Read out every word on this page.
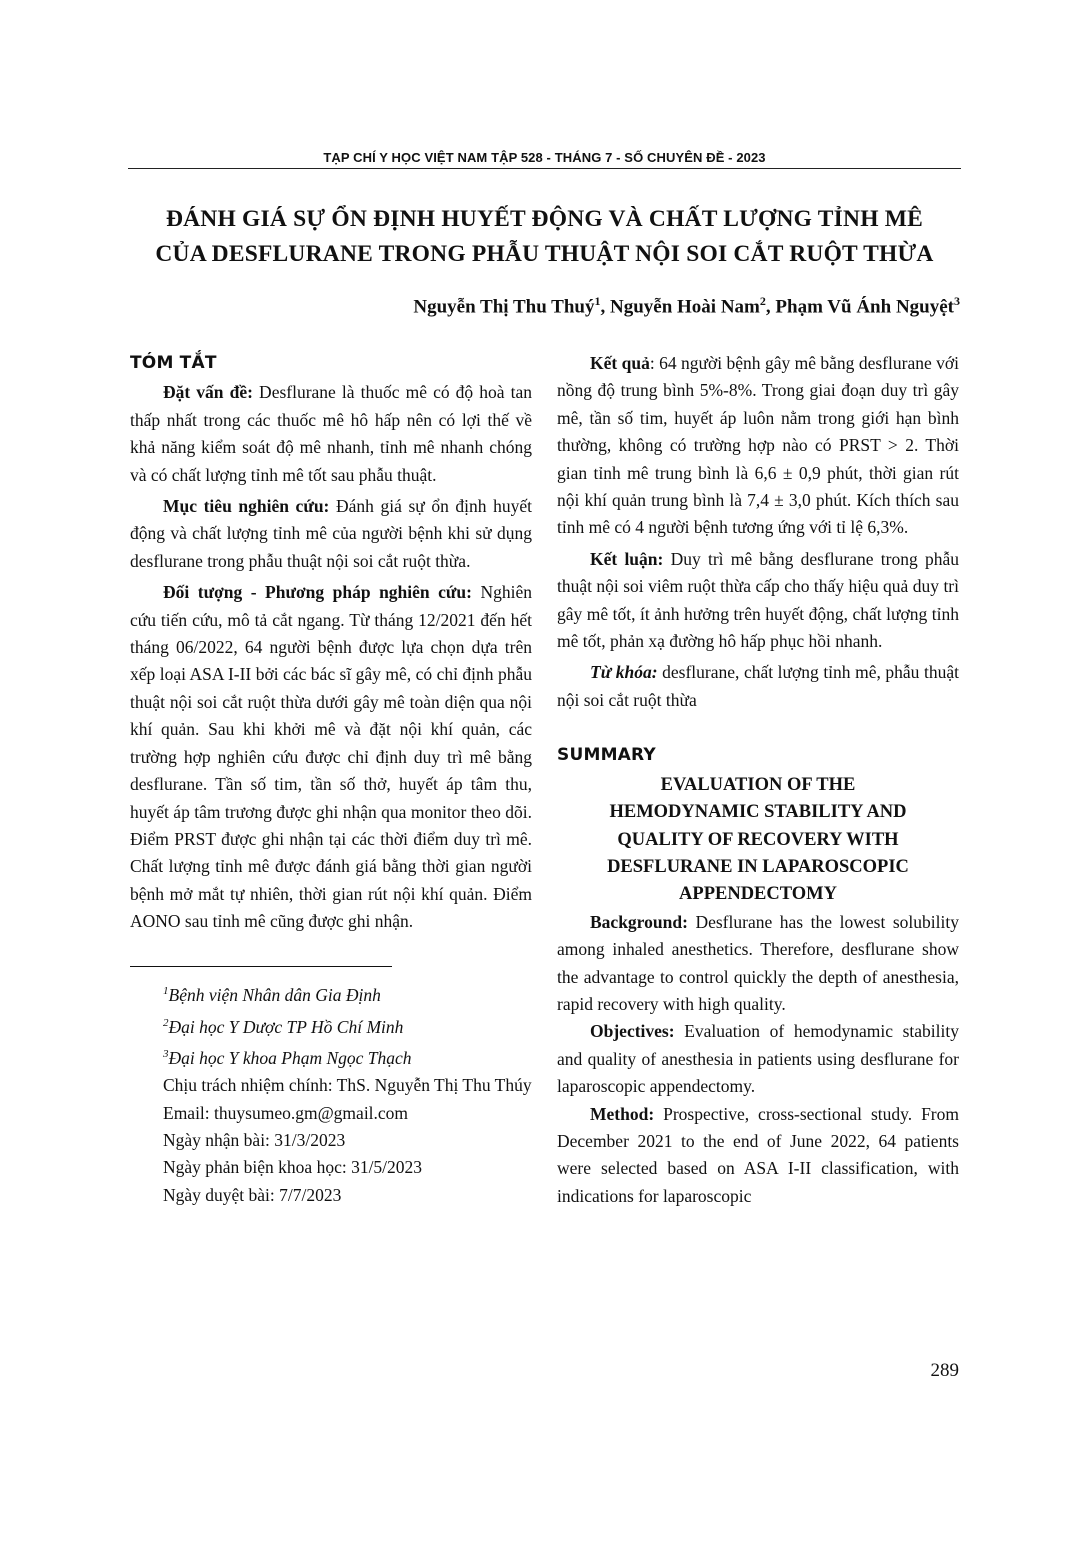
TẠP CHÍ Y HỌC VIỆT NAM TẬP 528 - THÁNG 7 - SỐ CHUYÊN ĐỀ - 2023
ĐÁNH GIÁ SỰ ỔN ĐỊNH HUYẾT ĐỘNG VÀ CHẤT LƯỢNG TỈNH MÊ
CỦA DESFLURANE TRONG PHẪU THUẬT NỘI SOI CẮT RUỘT THỪA
Nguyễn Thị Thu Thuý$^1$, Nguyễn Hoài Nam$^2$, Phạm Vũ Ánh Nguyệt$^3$
TÓM TẮT

Đặt vấn đề: Desflurane là thuốc mê có độ hoà tan thấp nhất trong các thuốc mê hô hấp nên có lợi thế về khả năng kiểm soát độ mê nhanh, tỉnh mê nhanh chóng và có chất lượng tỉnh mê tốt sau phẫu thuật.

Mục tiêu nghiên cứu: Đánh giá sự ổn định huyết động và chất lượng tỉnh mê của người bệnh khi sử dụng desflurane trong phẫu thuật nội soi cắt ruột thừa.

Đối tượng - Phương pháp nghiên cứu: Nghiên cứu tiến cứu, mô tả cắt ngang. Từ tháng 12/2021 đến hết tháng 06/2022, 64 người bệnh được lựa chọn dựa trên xếp loại ASA I-II bởi các bác sĩ gây mê, có chỉ định phẫu thuật nội soi cắt ruột thừa dưới gây mê toàn diện qua nội khí quản. Sau khi khởi mê và đặt nội khí quản, các trường hợp nghiên cứu được chỉ định duy trì mê bằng desflurane. Tần số tim, tần số thở, huyết áp tâm thu, huyết áp tâm trương được ghi nhận qua monitor theo dõi. Điểm PRST được ghi nhận tại các thời điểm duy trì mê. Chất lượng tỉnh mê được đánh giá bằng thời gian người bệnh mở mắt tự nhiên, thời gian rút nội khí quản. Điểm AONO sau tỉnh mê cũng được ghi nhận.

$^1$Bệnh viện Nhân dân Gia Định

$^2$Đại học Y Dược TP Hồ Chí Minh

$^3$Đại học Y khoa Phạm Ngọc Thạch

Chịu trách nhiệm chính: ThS. Nguyễn Thị Thu Thúy

Email: thuysumeo.gm@gmail.com

Ngày nhận bài: 31/3/2023

Ngày phản biện khoa học: 31/5/2023

Ngày duyệt bài: 7/7/2023

Kết quả: 64 người bệnh gây mê bằng desflurane với nồng độ trung bình 5%-8%. Trong giai đoạn duy trì gây mê, tần số tim, huyết áp luôn nằm trong giới hạn bình thường, không có trường hợp nào có PRST > 2. Thời gian tỉnh mê trung bình là 6,6 ± 0,9 phút, thời gian rút nội khí quản trung bình là 7,4 ± 3,0 phút. Kích thích sau tỉnh mê có 4 người bệnh tương ứng với tỉ lệ 6,3%.

Kết luận: Duy trì mê bằng desflurane trong phẫu thuật nội soi viêm ruột thừa cấp cho thấy hiệu quả duy trì gây mê tốt, ít ảnh hưởng trên huyết động, chất lượng tỉnh mê tốt, phản xạ đường hô hấp phục hồi nhanh.

Từ khóa: desflurane, chất lượng tỉnh mê, phẫu thuật nội soi cắt ruột thừa

SUMMARY
EVALUATION OF THE
HEMODYNAMIC STABILITY AND
QUALITY OF RECOVERY WITH
DESFLURANE IN LAPAROSCOPIC
APPENDECTOMY

Background: Desflurane has the lowest solubility among inhaled anesthetics. Therefore, desflurane show the advantage to control quickly the depth of anesthesia, rapid recovery with high quality.

Objectives: Evaluation of hemodynamic stability and quality of anesthesia in patients using desflurane for laparoscopic appendectomy.

Method: Prospective, cross-sectional study. From December 2021 to the end of June 2022, 64 patients were selected based on ASA I-II classification, with indications for laparoscopic

289
